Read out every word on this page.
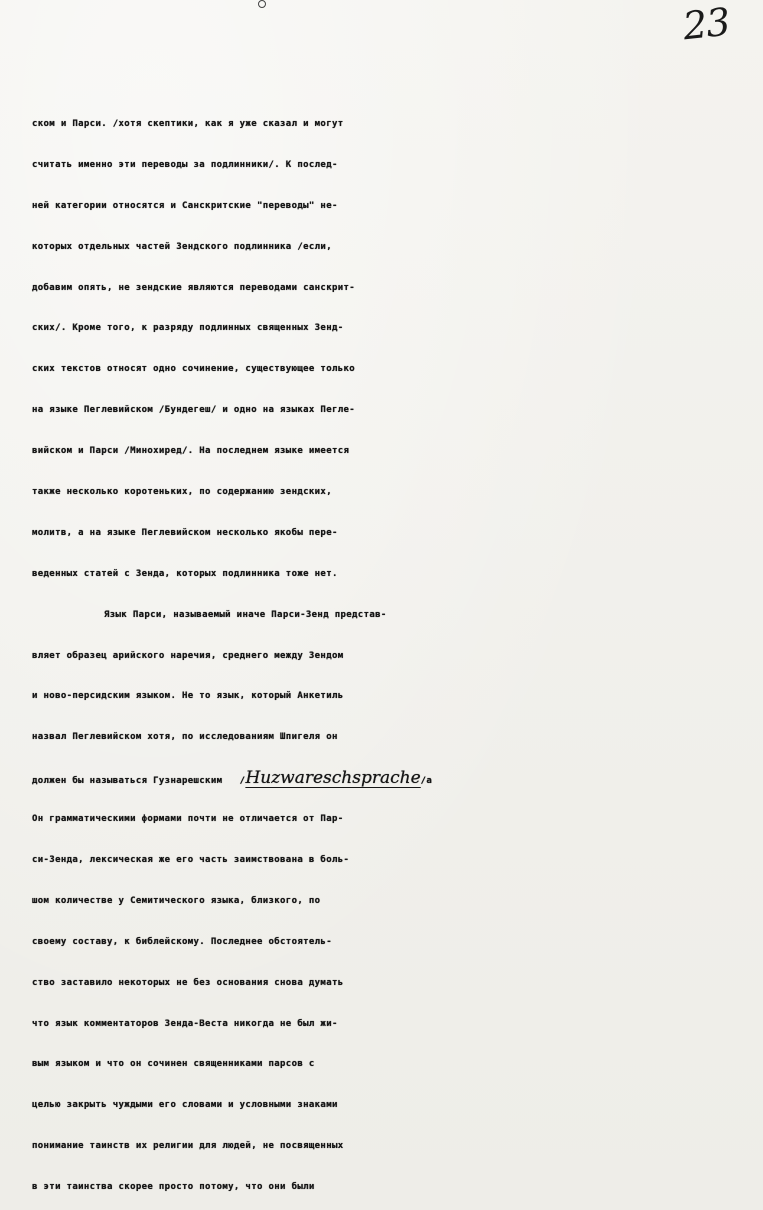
23
ском и Парси. /хотя скептики, как я уже сказал и могут
считать именно эти переводы за подлинники/. К послед-
ней категории относятся и Санскритские "переводы" не-
которых отдельных частей Зендского подлинника /если,
добавим опять, не зендские являются переводами санскрит-
ских/. Кроме того, к разряду подлинных священных Зенд-
ских текстов относят одно сочинение, существующее только
на языке Пеглевийском /Бундегеш/ и одно на языках Пегле-
вийском и Парси /Минохиред/. На последнем языке имеется
также несколько коротеньких, по содержанию зендских,
молитв, а на языке Пеглевийском несколько якобы пере-
веденных статей с Зенда, которых подлинника тоже нет.
Язык Парси, называемый иначе Парси-Зенд представ-
вляет образец арийского наречия, среднего между Зендом
и ново-персидским языком. Не то язык, который Анкетиль
назвал Пеглевийском хотя, по исследованиям Шпигеля он
должен бы называться Гузнарешским   /Huzwareschsprache/а
Он грамматическими формами почти не отличается от Пар-
си-Зенда, лексическая же его часть заимствована в боль-
шом количестве у Семитического языка, близкого, по
своему составу, к библейскому. Последнее обстоятель-
ство заставило некоторых не без основания снова думать
что язык комментаторов Зенда-Веста никогда не был жи-
вым языком и что он сочинен священниками парсов с
целью закрыть чуждыми его словами и условными знаками
понимание таинств их религии для людей, не посвященных
в эти таинства скорее просто потому, что они были
